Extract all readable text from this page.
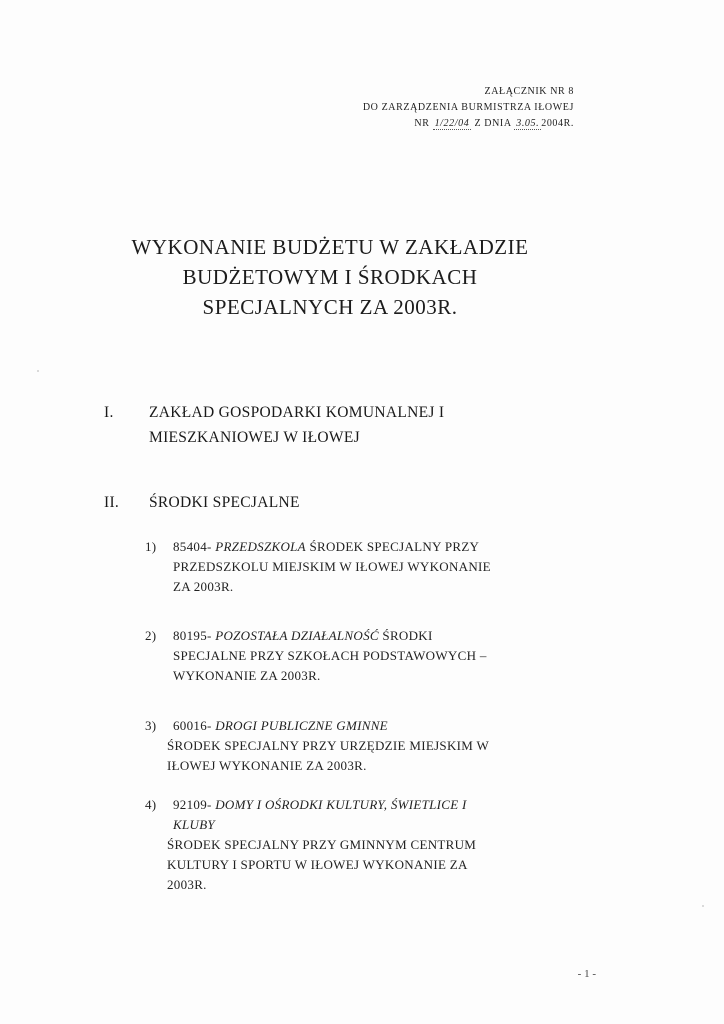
ZAŁĄCZNIK NR 8
DO ZARZĄDZENIA BURMISTRZA IŁOWEJ
NR 1/22/04 Z DNIA 3.05. 2004R.
WYKONANIE BUDŻETU W ZAKŁADZIE
BUDŻETOWYM I ŚRODKACH
SPECJALNYCH ZA 2003R.
I. ZAKŁAD GOSPODARKI KOMUNALNEJ I
MIESZKANIOWEJ W IŁOWEJ
II. ŚRODKI SPECJALNE
1) 85404- PRZEDSZKOLA ŚRODEK SPECJALNY PRZY
PRZEDSZKOLU MIEJSKIM W IŁOWEJ WYKONANIE
ZA 2003R.
2) 80195- POZOSTAŁA DZIAŁALNOŚĆ ŚRODKI
SPECJALNE PRZY SZKOŁACH PODSTAWOWYCH –
WYKONANIE ZA 2003R.
3) 60016- DROGI PUBLICZNE GMINNE
ŚRODEK SPECJALNY PRZY URZĘDZIE MIEJSKIM W
IŁOWEJ WYKONANIE ZA 2003R.
4) 92109- DOMY I OŚRODKI KULTURY, ŚWIETLICE I
KLUBY
ŚRODEK SPECJALNY PRZY GMINNYM CENTRUM
KULTURY I SPORTU W IŁOWEJ WYKONANIE ZA
2003R.
- 1 -
